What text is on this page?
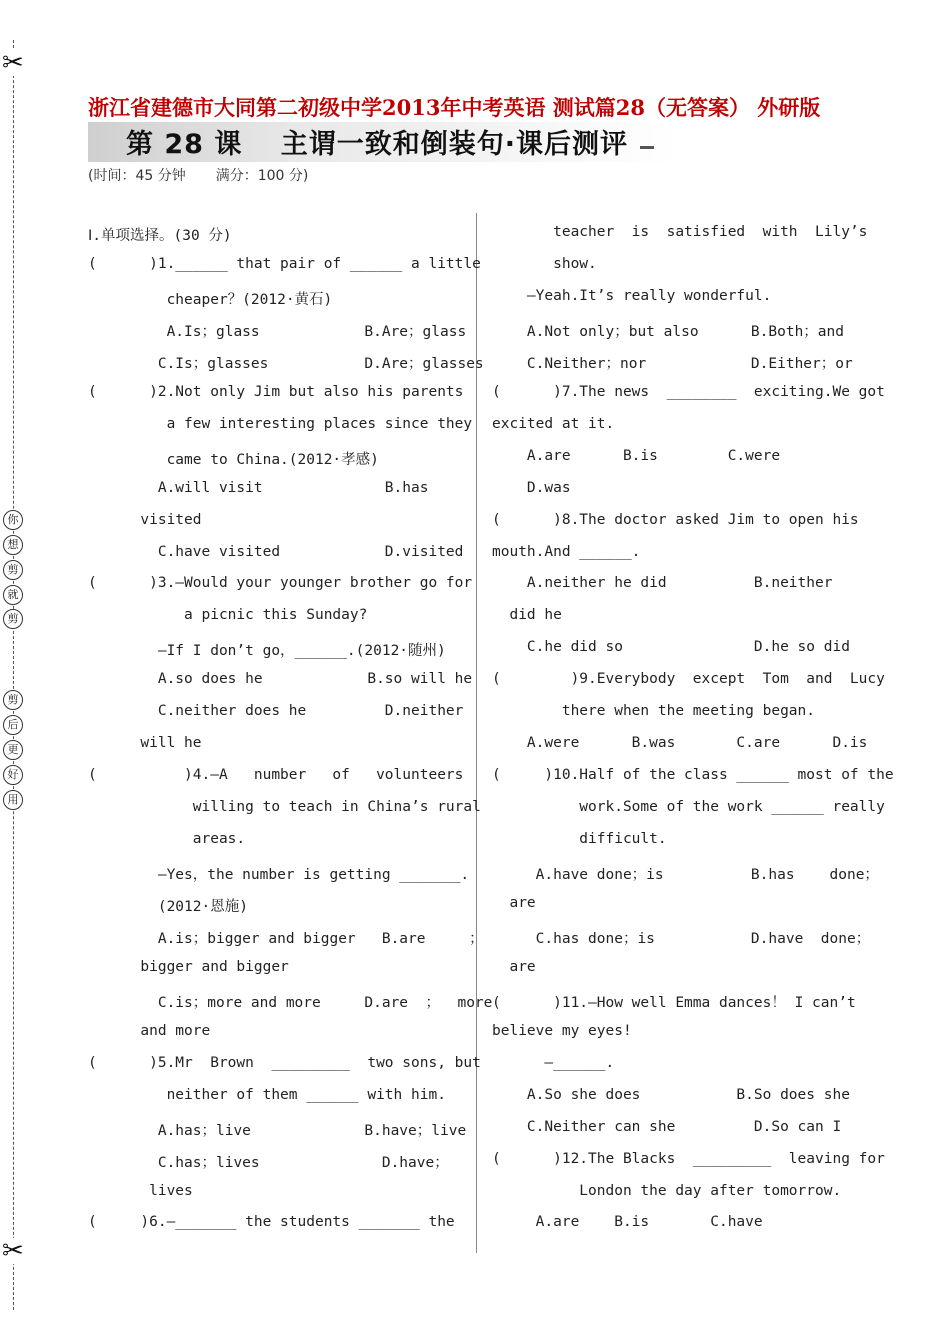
✂
✂
你
想
剪
就
剪
剪
后
更
好
用
浙江省建德市大同第二初级中学2013年中考英语 测试篇28（无答案） 外研版
第 28 课　 主谓一致和倒装句·课后测评
(时间：45 分钟 满分：100 分)
Ⅰ.单项选择。(30 分)
(      )1.______ that pair of ______ a little
cheaper？(2012·黄石)
A.Is；glass            B.Are；glass
C.Is；glasses           D.Are；glasses
(      )2.Not only Jim but also his parents
a few interesting places since they
came to China.(2012·孝感)
A.will visit              B.has
visited
C.have visited            D.visited
(      )3.—Would your younger brother go for
a picnic this Sunday?
—If I don’t go，______.(2012·随州)
A.so does he            B.so will he
C.neither does he         D.neither
will he
(          )4.—A   number   of   volunteers
willing to teach in China’s rural
areas.
—Yes，the number is getting _______.
(2012·恩施)
A.is；bigger and bigger   B.are     ；
bigger and bigger
C.is；more and more     D.are  ；  more
and more
(      )5.Mr  Brown  _________  two sons, but
neither of them ______ with him.
A.has；live             B.have；live
C.has；lives              D.have；
lives
(     )6.—_______ the students _______ the
teacher  is  satisfied  with  Lily’s
show.
—Yeah.It’s really wonderful.
A.Not only；but also      B.Both；and
C.Neither；nor            D.Either；or
(      )7.The news  ________  exciting.We got
excited at it.
A.are      B.is        C.were
D.was
(      )8.The doctor asked Jim to open his
mouth.And ______.
A.neither he did          B.neither
did he
C.he did so               D.he so did
(        )9.Everybody  except  Tom  and  Lucy
there when the meeting began.
A.were      B.was       C.are      D.is
(     )10.Half of the class ______ most of the
work.Some of the work ______ really
difficult.
A.have done；is          B.has    done；
are
C.has done；is           D.have  done；
are
(      )11.—How well Emma dances！ I can’t
believe my eyes!
—______.
A.So she does           B.So does she
C.Neither can she         D.So can I
(      )12.The Blacks  _________  leaving for
London the day after tomorrow.
A.are    B.is       C.have
